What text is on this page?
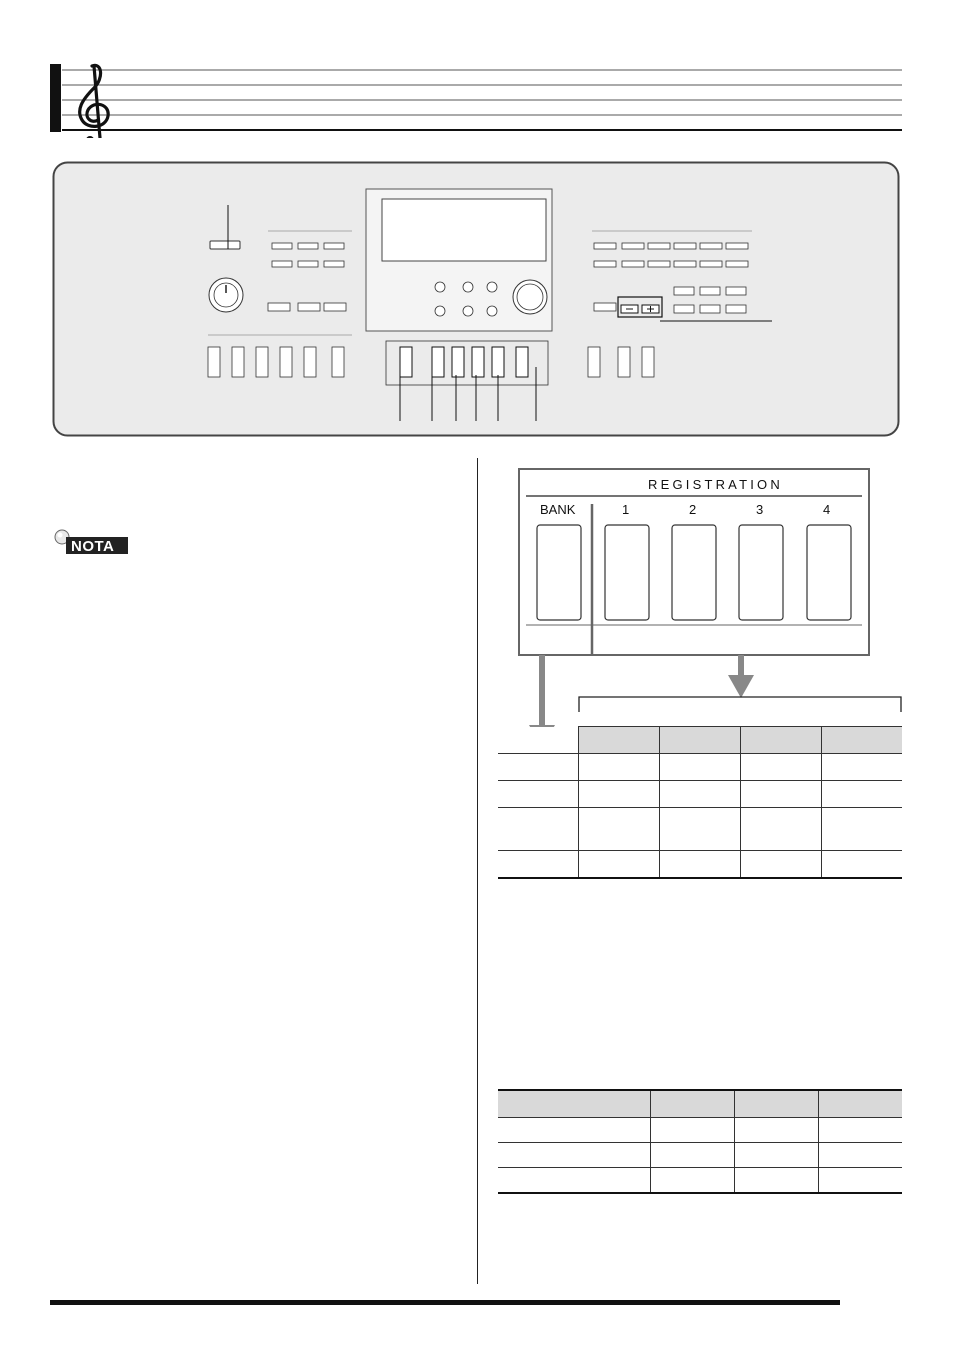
NOTA
REGISTRATION
BANK	1	2	3	4
